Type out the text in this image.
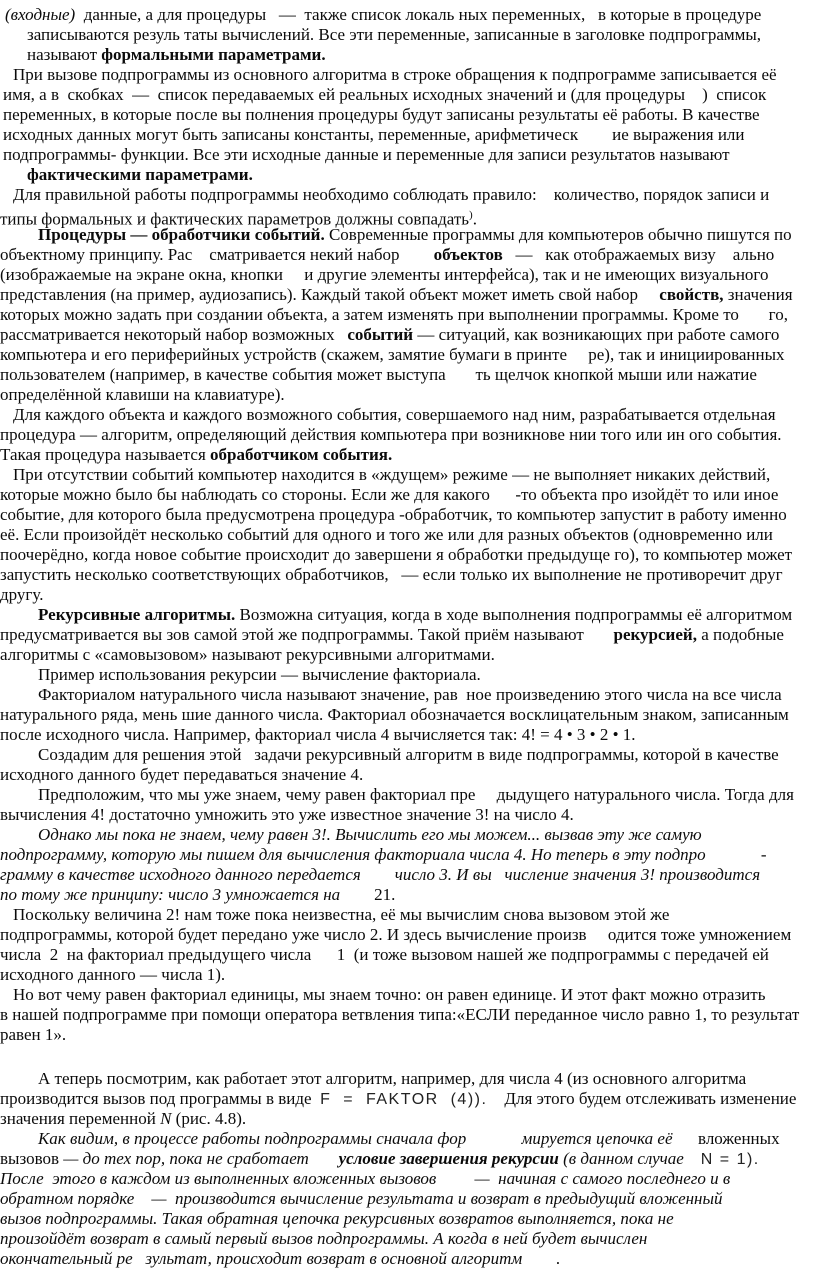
(входные)  данные, а для процедуры   —  также список локаль ных переменных,   в которые в процедуре
записываются резуль таты вычислений. Все эти переменные, записанные в заголовке подпрограммы,
называют формальными параметрами.
При вызове подпрограммы из основного алгоритма в строке обращения к подпрограмме записывается её
имя, а в  скобках  —  список передаваемых ей реальных исходных значений и (для процедуры    )  список
переменных, в которые после вы полнения процедуры будут записаны результаты её работы. В качестве
исходных данных могут быть записаны константы, переменные, арифметическ        ие выражения или
подпрограммы- функции. Все эти исходные данные и переменные для записи результатов называют
фактическими параметрами.
Для правильной работы подпрограммы необходимо соблюдать правило:    количество, порядок записи и
типы формальных и фактических параметров должны совпадать).
Процедуры — обработчики событий. Современные программы для компьютеров обычно пишутся по
объектному принципу. Рас    сматривается некий набор        объектов   —   как отображаемых визу    ально
(изображаемые на экране окна, кнопки     и другие элементы интерфейса), так и не имеющих визуального
представления (на пример, аудиозапись). Каждый такой объект может иметь свой набор     свойств, значения
которых можно задать при создании объекта, а затем изменять при выполнении программы. Кроме то       го,
рассматривается некоторый набор возможных   событий — ситуаций, как возникающих при работе самого
компьютера и его периферийных устройств (скажем, замятие бумаги в принте     ре), так и инициированных
пользователем (например, в качестве события может выступа       ть щелчок кнопкой мыши или нажатие
определённой клавиши на клавиатуре).
Для каждого объекта и каждого возможного события, совершаемого над ним, разрабатывается отдельная
процедура — алгоритм, определяющий действия компьютера при возникнове нии того или ин ого события.
Такая процедура называется обработчиком события.
При отсутствии событий компьютер находится в «ждущем» режиме — не выполняет никаких действий,
которые можно было бы наблюдать со стороны. Если же для какого      -то объекта про изойдёт то или иное
событие, для которого была предусмотрена процедура -обработчик, то компьютер запустит в работу именно
её. Если произойдёт несколько событий для одного и того же или для разных объектов (одновременно или
поочерёдно, когда новое событие происходит до завершени я обработки предыдуще го), то компьютер может
запустить несколько соответствующих обработчиков,   — если только их выполнение не противоречит друг
другу.
Рекурсивные алгоритмы. Возможна ситуация, когда в ходе выполнения подпрограммы её алгоритмом
предусматривается вы зов самой этой же подпрограммы. Такой приём называют       рекурсией, а подобные
алгоритмы с «самовызовом» называют рекурсивными алгоритмами.
Пример использования рекурсии — вычисление факториала.
Факториалом натурального числа называют значение, рав  ное произведению этого числа на все числа
натурального ряда, мень шие данного числа. Факториал обозначается восклицательным знаком, записанным
после исходного числа. Например, факториал числа 4 вычисляется так: 4! = 4 • 3 • 2 • 1.
Создадим для решения этой   задачи рекурсивный алгоритм в виде подпрограммы, которой в качестве
исходного данного будет передаваться значение 4.
Предположим, что мы уже знаем, чему равен факториал пре     дыдущего натурального числа. Тогда для
вычисления 4! достаточно умножить это уже известное значение 3! на число 4.
Однако мы пока не знаем, чему равен 3!. Вычислить его мы можем... вызвав эту же самую
подпрограмму, которую мы пишем для вычисления факториала числа 4. Но теперь в эту подпро             -
грамму в качестве исходного данного передается        число 3. И вы   числение значения 3! производится
по тому же принципу: число 3 умножается на        21.
Поскольку величина 2! нам тоже пока неизвестна, её мы вычислим снова вызовом этой же
подпрограммы, которой будет передано уже число 2. И здесь вычисление произв     одится тоже умножением
числа  2  на факториал предыдущего числа      1  (и тоже вызовом нашей же подпрограммы с передачей ей
исходного данного — числа 1).
Но вот чему равен факториал единицы, мы знаем точно: он равен единице. И этот факт можно отразить
в нашей подпрограмме при помощи оператора ветвления типа:«ЕСЛИ переданное число равно 1, то результат
равен 1».
А теперь посмотрим, как работает этот алгоритм, например, для числа 4 (из основного алгоритма
производится вызов под программы в виде  F  =  FAKTOR  (4)).    Для этого будем отслеживать изменение
значения переменной N (рис. 4.8).
Как видим, в процессе работы подпрограммы сначала фор	мируется цепочка её вложенных
вызовов — до тех пор, пока не сработает       условие завершения рекурсии (в данном случае    N = 1).
После  этого в каждом из выполненных вложенных вызовов         —  начиная с самого последнего и в
обратном порядке    —  производится вычисление результата и возврат в предыдущий вложенный
вызов подпрограммы. Такая обратная цепочка рекурсивных возвратов выполняется, пока не
произойдёт возврат в самый первый вызов подпрограммы. А когда в ней будет вычислен
окончательный ре   зультат, происходит возврат в основной алгоритм        .
